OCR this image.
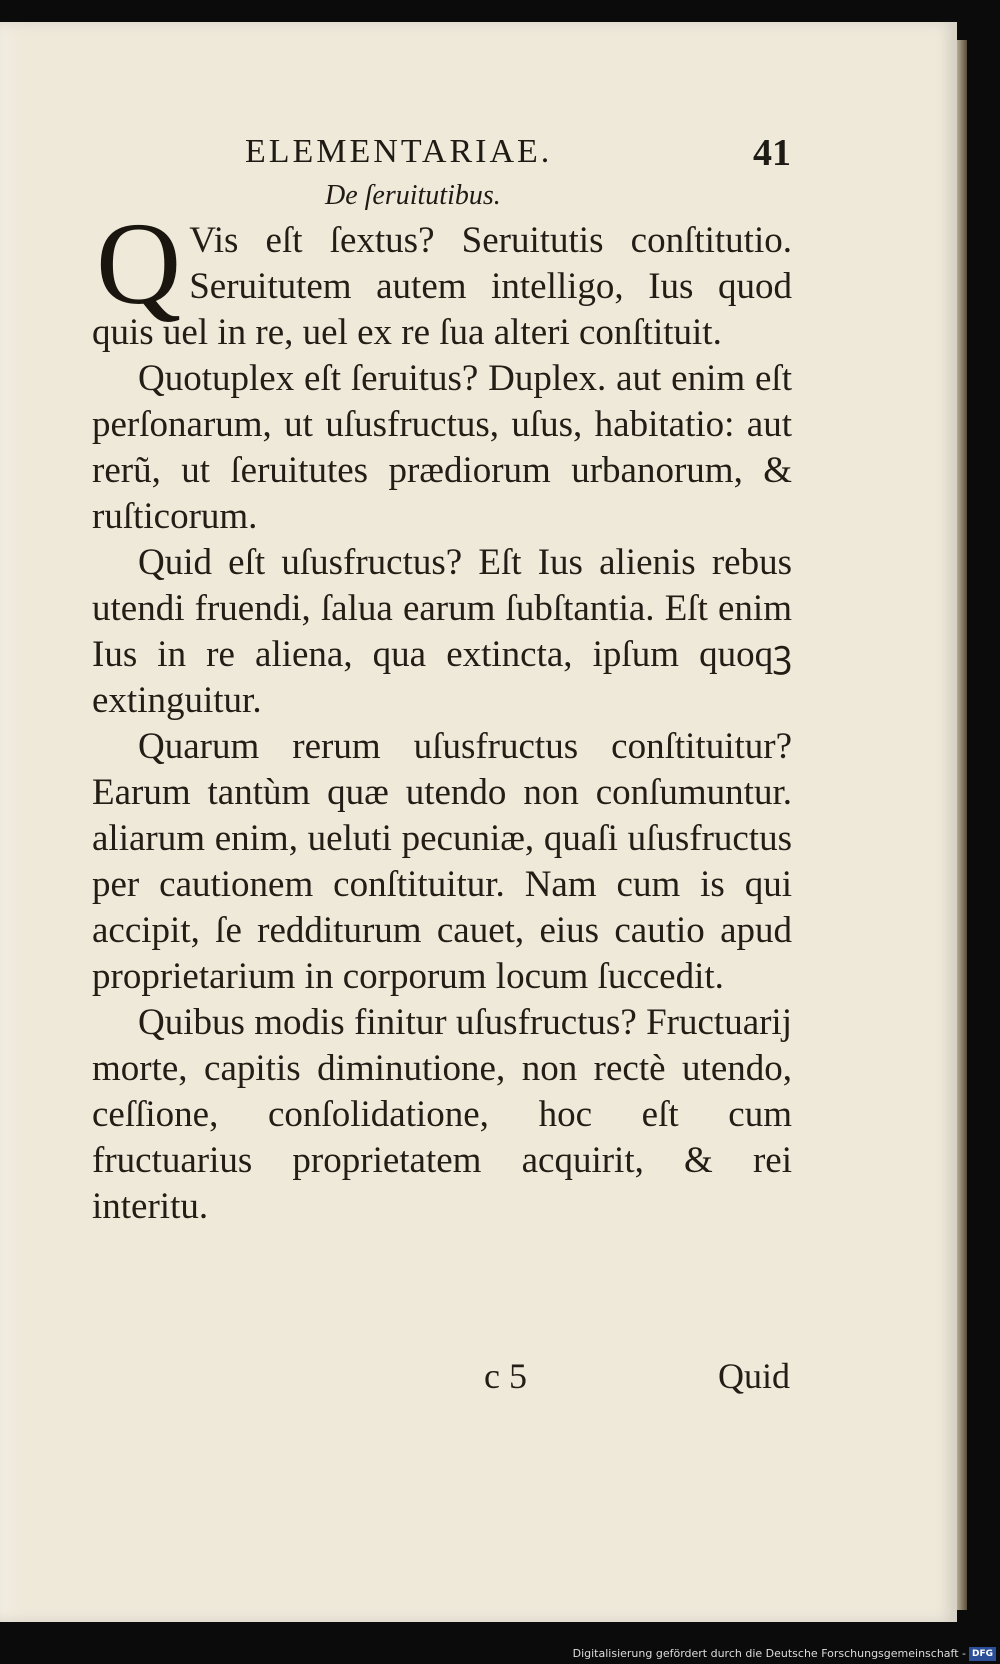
ELEMENTARIAE.	41
De ſeruitutibus.

Q Vis eſt ſextus? Seruitutis conſtitutio. Seruitutem autem intelligo, Ius quod quis uel in re, uel ex re ſua alteri conſtituit.

Quotuplex eſt ſeruitus? Duplex. aut enim eſt perſonarum, ut uſusfructus, uſus, habitatio: aut rerũ, ut ſeruitutes prædiorum urbanorum, & ruſticorum.

Quid eſt uſusfructus? Eſt Ius alienis rebus utendi fruendi, ſalua earum ſubſtantia. Eſt enim Ius in re aliena, qua extincta, ipſum quoqꝫ extinguitur.

Quarum rerum uſusfructus conſtituitur? Earum tantùm quæ utendo non conſumuntur. aliarum enim, ueluti pecuniæ, quaſi uſusfructus per cautionem conſtituitur. Nam cum is qui accipit, ſe redditurum cauet, eius cautio apud proprietarium in corporum locum ſuccedit.

Quibus modis finitur uſusfructus? Fructuarij morte, capitis diminutione, non rectè utendo, ceſſione, conſolidatione, hoc eſt cum fructuarius proprietatem acquirit, & rei interitu.

c 5	Quid
Digitalisierung gefördert durch die Deutsche Forschungsgemeinschaft - DFG
